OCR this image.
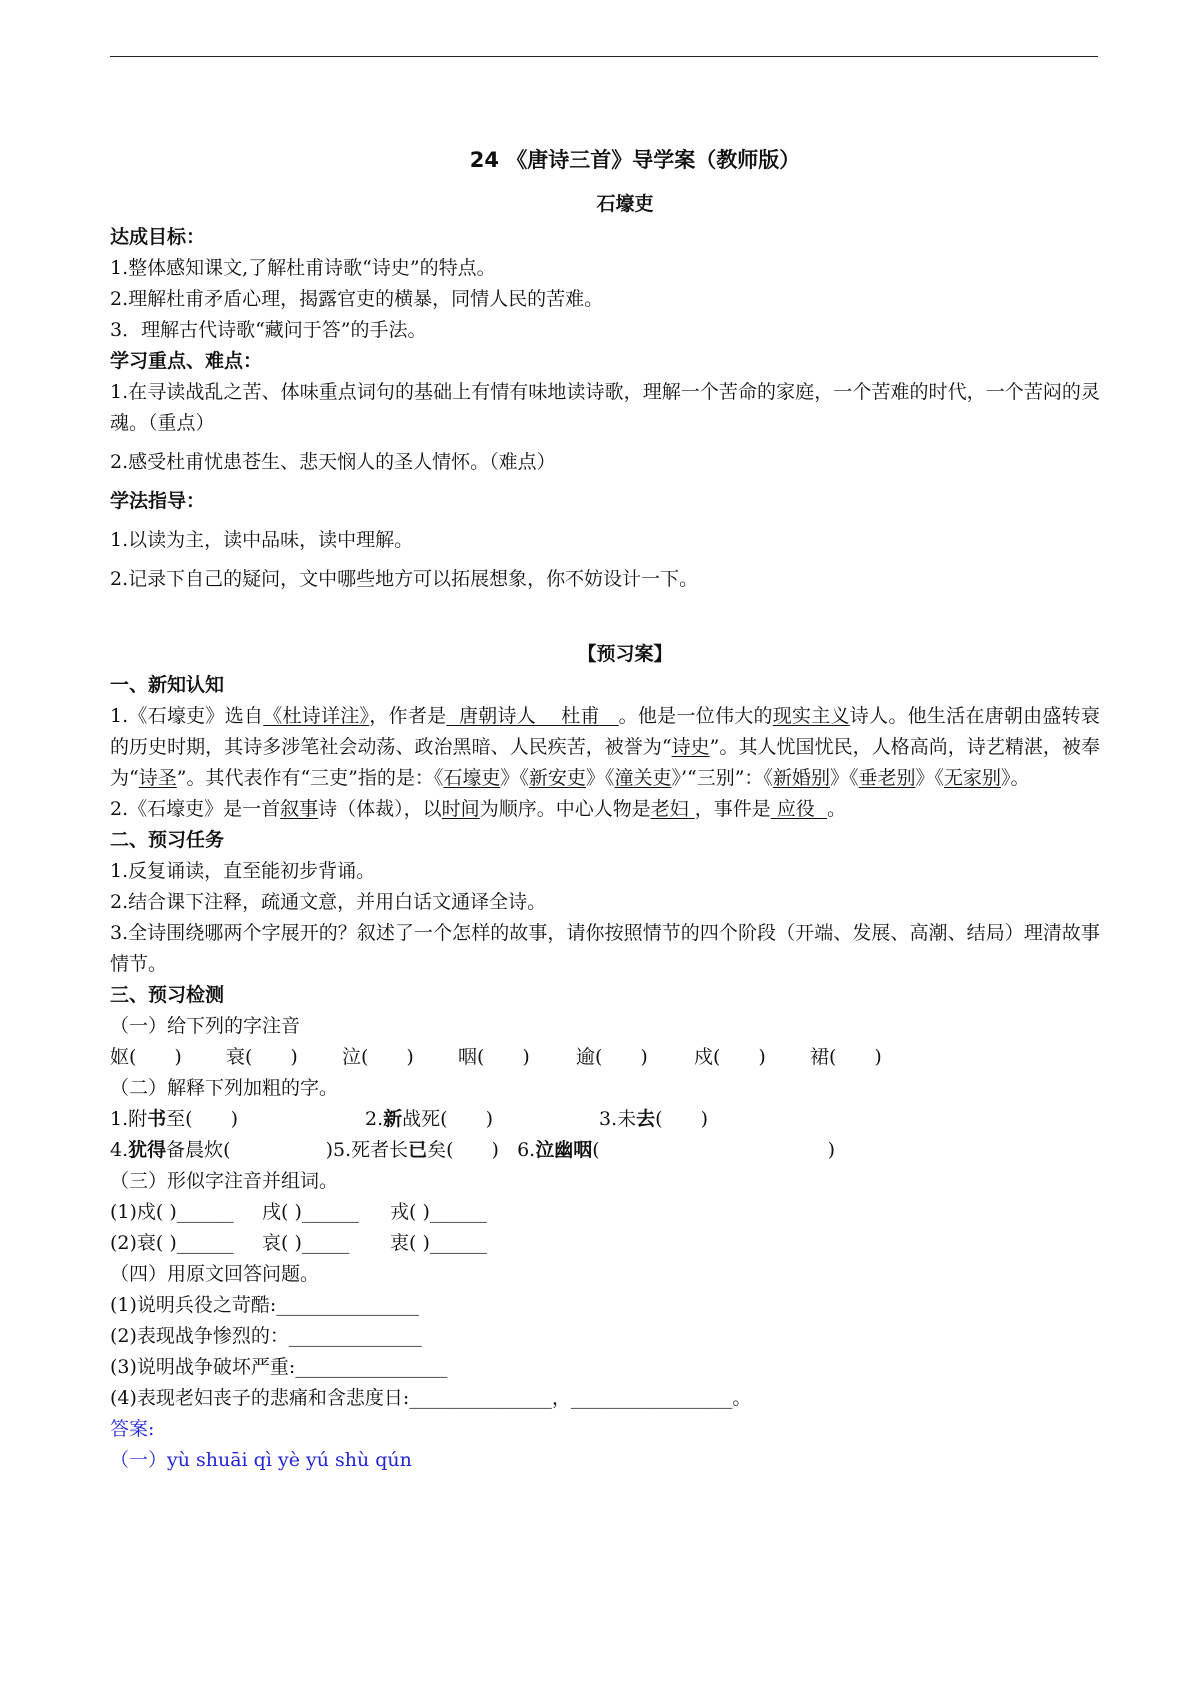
24 《唐诗三首》导学案（教师版）
石壕吏
达成目标：
1.整体感知课文,了解杜甫诗歌“诗史”的特点。
2.理解杜甫矛盾心理，揭露官吏的横暴，同情人民的苦难。
3．理解古代诗歌“藏问于答”的手法。
学习重点、难点：
1.在寻读战乱之苦、体味重点词句的基础上有情有味地读诗歌，理解一个苦命的家庭，一个苦难的时代，一个苦闷的灵魂。（重点）
2.感受杜甫忧患苍生、悲天悯人的圣人情怀。（难点）
学法指导：
1.以读为主，读中品味，读中理解。
2.记录下自己的疑问，文中哪些地方可以拓展想象，你不妨设计一下。
【预习案】
一、新知认知
1.《石壕吏》选自《杜诗详注》，作者是 唐朝诗人 杜甫 。他是一位伟大的现实主义诗人。他生活在唐朝由盛转衰的历史时期，其诗多涉笔社会动荡、政治黑暗、人民疾苦，被誉为“诗史”。其人忧国忧民，人格高尚，诗艺精湛，被奉为“诗圣”。其代表作有“三吏”指的是：《石壕吏》《新安吏》《潼关吏》’“三别”：《新婚别》《垂老别》《无家别》。
2.《石壕吏》是一首叙事诗（体裁），以时间为顺序。中心人物是老妇 ，事件是 应役 。
二、预习任务
1.反复诵读，直至能初步背诵。
2.结合课下注释，疏通文意，并用白话文通译全诗。
3.全诗围绕哪两个字展开的？叙述了一个怎样的故事，请你按照情节的四个阶段（开端、发展、高潮、结局）理清故事情节。
三、预习检测
（一）给下列的字注音
妪(　　) 衰(　　) 泣(　　) 咽(　　) 逾(　　) 戍(　　) 裙(　　)
（二）解释下列加粗的字。
1.附书至(　　)	2.新战死(　　)	3.未去(　　)
4.犹得备晨炊(　　　　　)5.死者长已矣(　　) 6.泣幽咽(　　　　　　　　　　　　)
（三）形似字注音并组词。
(1)戍( )______ 戌( )______ 戎( )______
(2)衰( )______ 哀( )_____ 衷( )______
（四）用原文回答问题。
(1)说明兵役之苛酷:_______________
(2)表现战争惨烈的：______________
(3)说明战争破坏严重:________________
(4)表现老妇丧子的悲痛和含悲度日:_______________，_________________。
答案:
（一）yù shuāi qì yè yú shù qún
